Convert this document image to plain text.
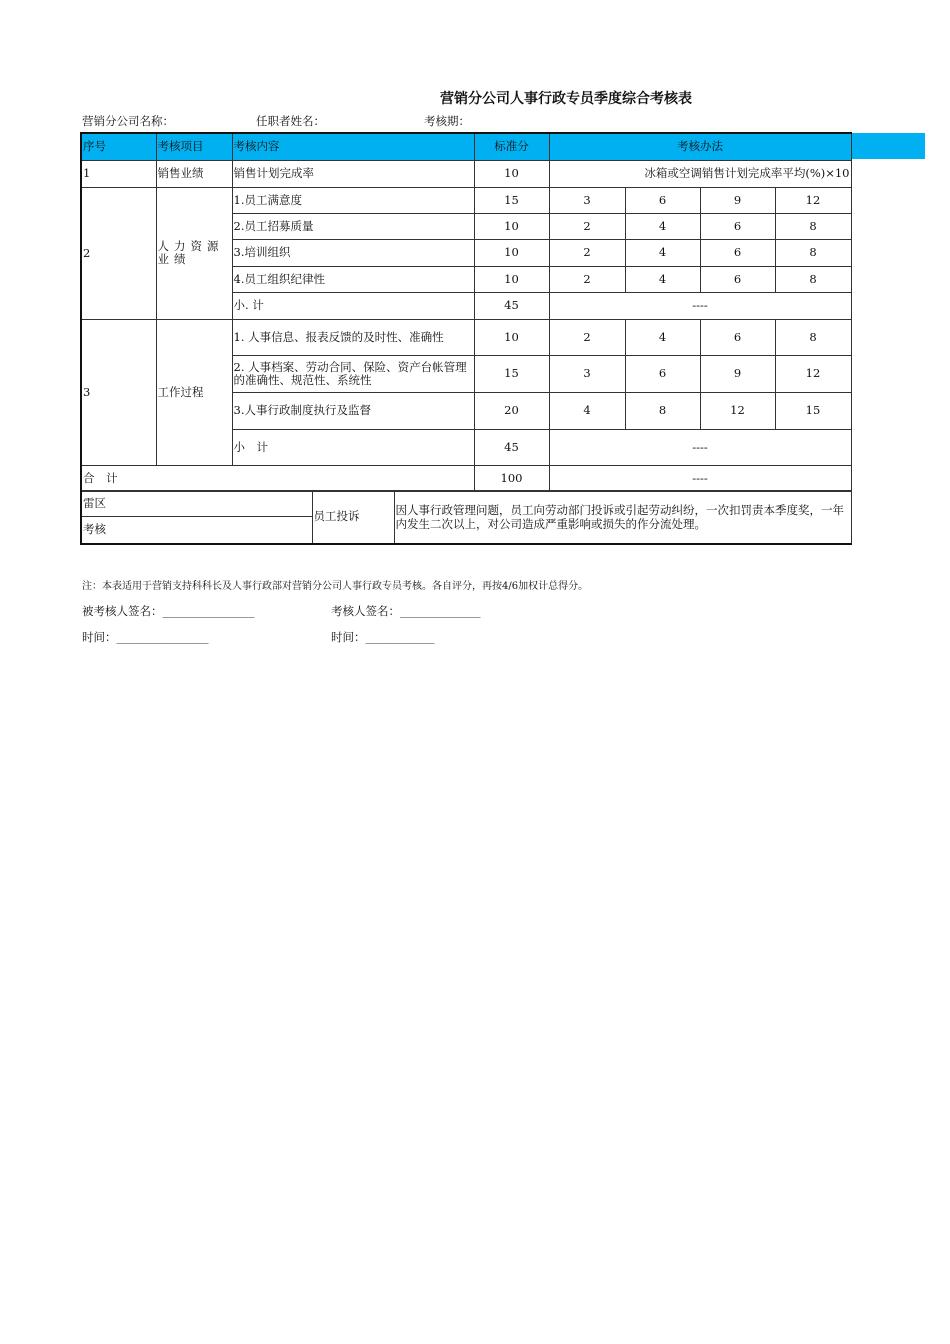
营销分公司人事行政专员季度综合考核表
营销分公司名称：	任职者姓名：	考核期：
序号	考核项目	考核内容	标准分	考核办法			
1	销售业绩	销售计划完成率	10	冰箱或空调销售计划完成率平均(%)×10			
2	人力资源业绩	1.员工满意度	15	3	6	9	12
		2.员工招募质量	10	2	4	6	8
		3.培训组织	10	2	4	6	8
		4.员工组织纪律性	10	2	4	6	8
		小. 计	45	----			
3	工作过程	1. 人事信息、报表反馈的及时性、准确性	10	2	4	6	8
		2. 人事档案、劳动合同、保险、资产台帐管理的准确性、规范性、系统性	15	3	6	9	12
		3.人事行政制度执行及监督	20	4	8	12	15
		小　计	45	----			
合　计			100	----			
雷区	员工投诉	因人事行政管理问题，员工向劳动部门投诉或引起劳动纠纷，一次扣罚责本季度奖，一年内发生二次以上，对公司造成严重影响或损失的作分流处理。
考核
注：本表适用于营销支持科科长及人事行政部对营销分公司人事行政专员考核。各自评分，再按4/6加权计总得分。
被考核人签名：________________	考核人签名：______________
时间：________________	时间：____________
